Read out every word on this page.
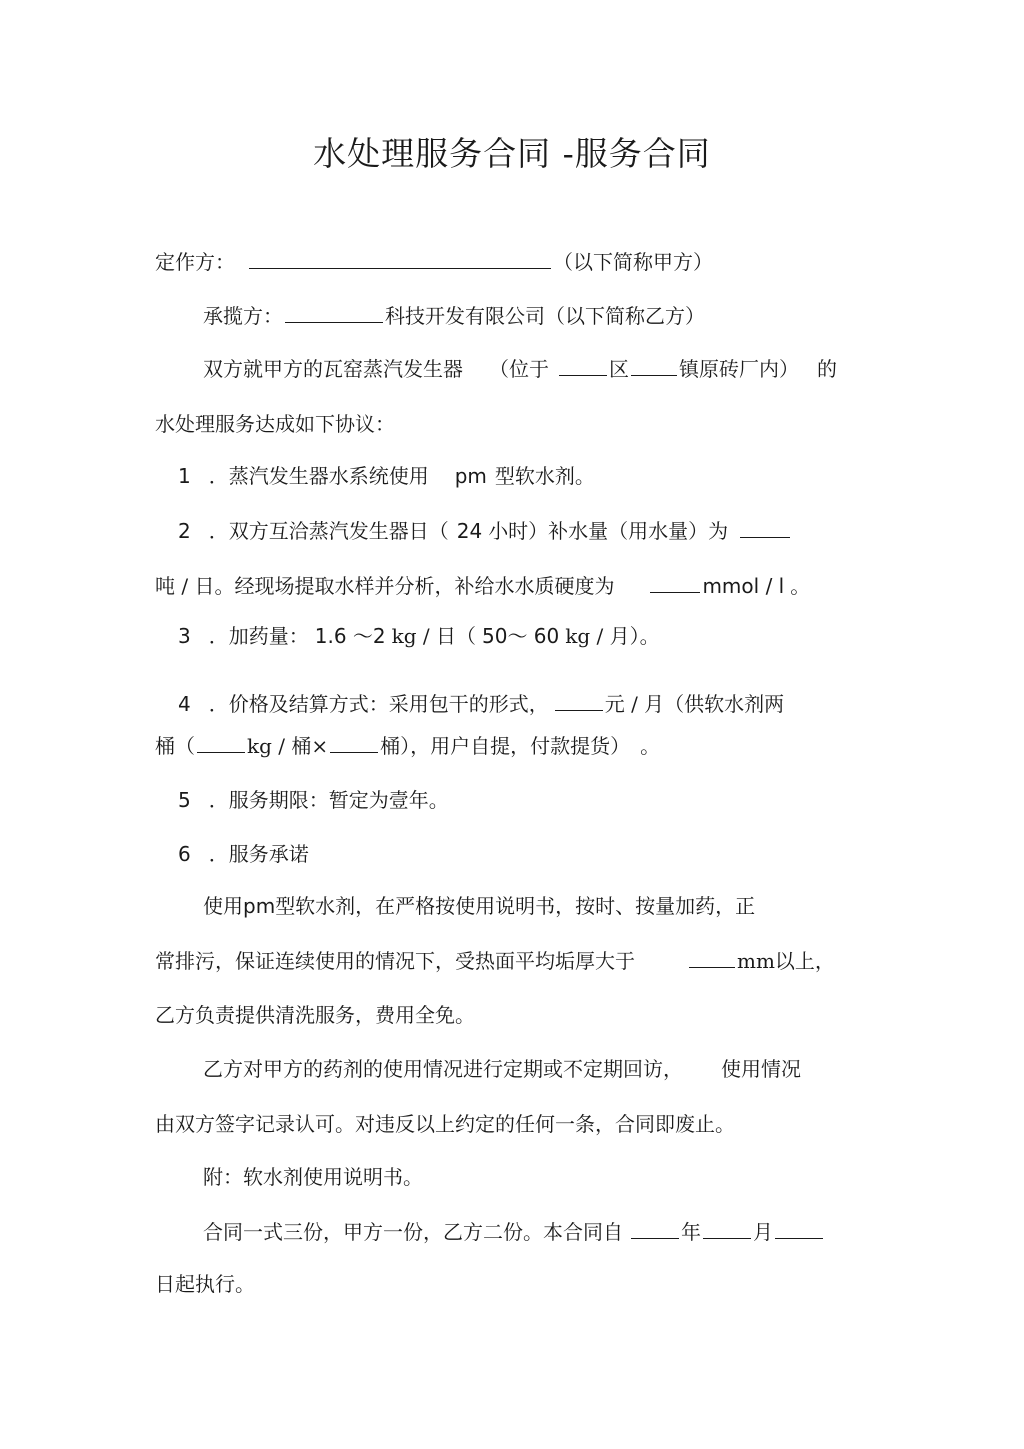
水处理服务合同 -服务合同
定作方：	（以下简称甲方）
承揽方：	科技开发有限公司（以下简称乙方）
双方就甲方的瓦窑蒸汽发生器 （位于	区	镇原砖厂内） 的
水处理服务达成如下协议：
1 ．蒸汽发生器水系统使用 pm 型软水剂。
2 ．双方互洽蒸汽发生器日（ 24 小时）补水量（用水量）为
吨 / 日。经现场提取水样并分析，补给水水质硬度为	mmol / l 。
3 ．加药量： 1.6 ～2 kg / 日（ 50～ 60 kg / 月）。
4 ．价格及结算方式：采用包干的形式，	元 / 月（供软水剂两
桶（	kg / 桶×	桶），用户自提，付款提货） 。
5 ．服务期限：暂定为壹年。
6 ．服务承诺
使用pm型软水剂，在严格按使用说明书，按时、按量加药，正
常排污，保证连续使用的情况下，受热面平均垢厚大于	mm以上，
乙方负责提供清洗服务，费用全免。
乙方对甲方的药剂的使用情况进行定期或不定期回访， 使用情况
由双方签字记录认可。对违反以上约定的任何一条，合同即废止。
附：软水剂使用说明书。
合同一式三份，甲方一份，乙方二份。本合同自	年	月
日起执行。
